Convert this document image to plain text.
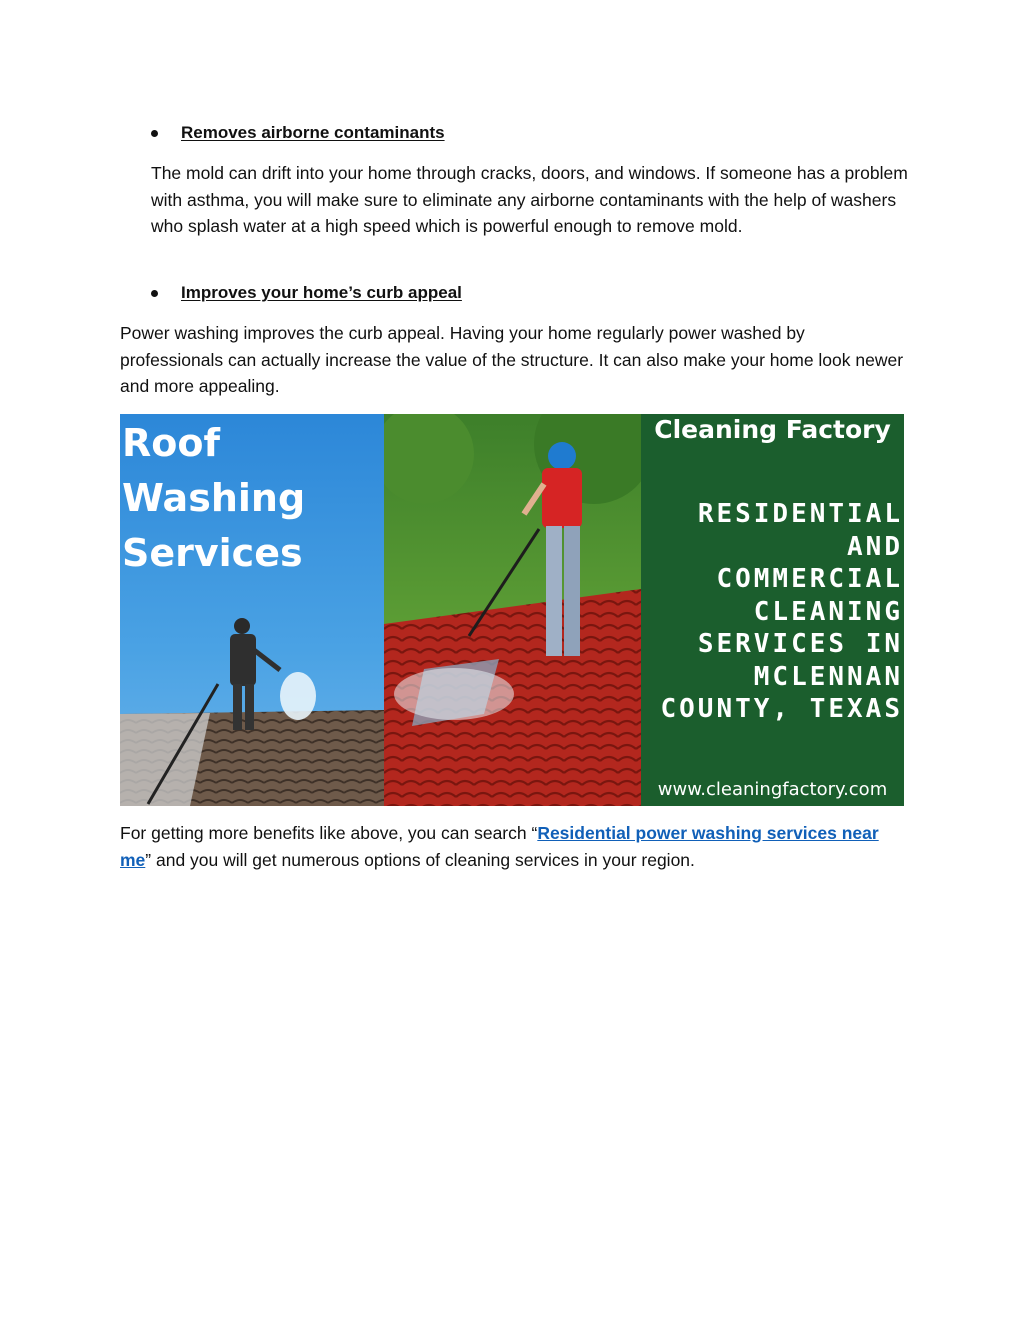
Removes airborne contaminants

The mold can drift into your home through cracks, doors, and windows. If someone has a problem with asthma, you will make sure to eliminate any airborne contaminants with the help of washers who splash water at a high speed which is powerful enough to remove mold.

Improves your home’s curb appeal

Power washing improves the curb appeal. Having your home regularly power washed by professionals can actually increase the value of the structure. It can also make your home look newer and more appealing.

Roof
Washing
Services
Cleaning Factory
RESIDENTIAL
AND
COMMERCIAL
CLEANING
SERVICES IN
MCLENNAN
COUNTY, TEXAS
www.cleaningfactory.com

For getting more benefits like above, you can search “Residential power washing services near me” and you will get numerous options of cleaning services in your region.
